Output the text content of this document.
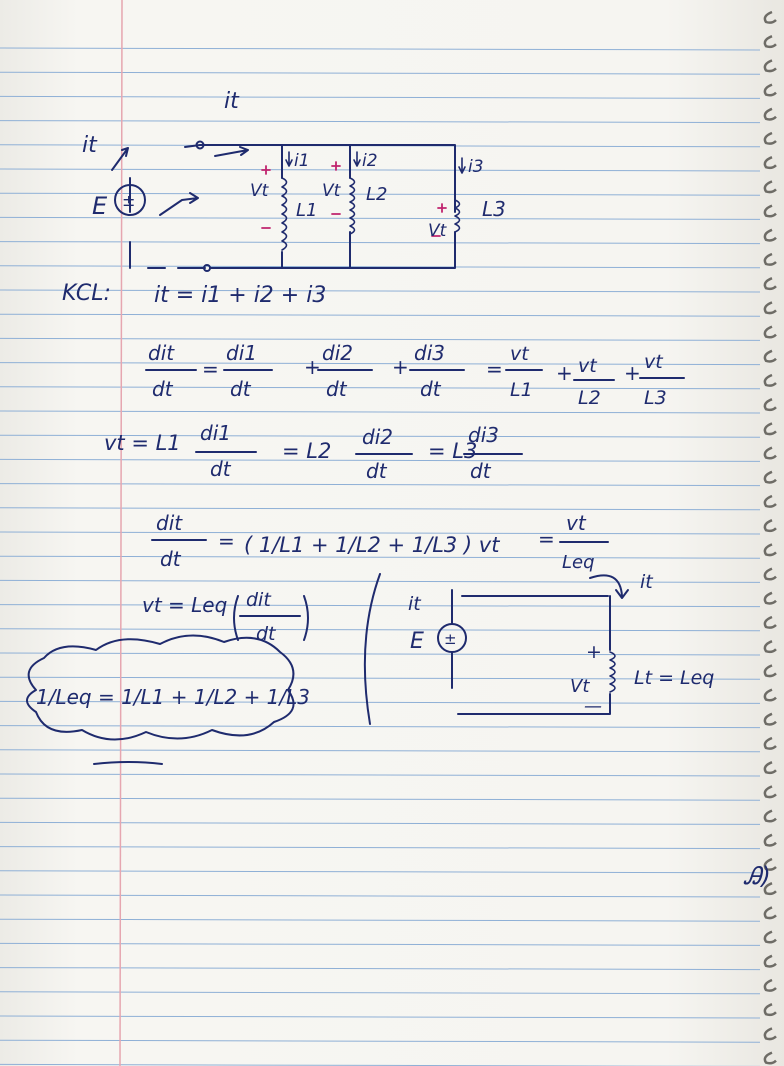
±
it
it
E
i1	i2	i3
Vt	Vt
Vt
L1
L2
L3
KCL: it = i1 + i2 + i3
dit
dt
=
di1
dt
+
di2
dt
+
di3
dt
=
vt
L1
+ vt
L2
+ vt
L3
vt = L1 di1
dt
= L2
di2
dt
= L3
di3
dt
dit
dt
= ( 1/L1 + 1/L2 + 1/L3 ) vt =
vt
Leq
vt = Leq dit
dt
1/Leq = 1/L1 + 1/L2 + 1/L3
±
it
it
E	+
Vt
—
Lt = Leq
Ꭿ)
